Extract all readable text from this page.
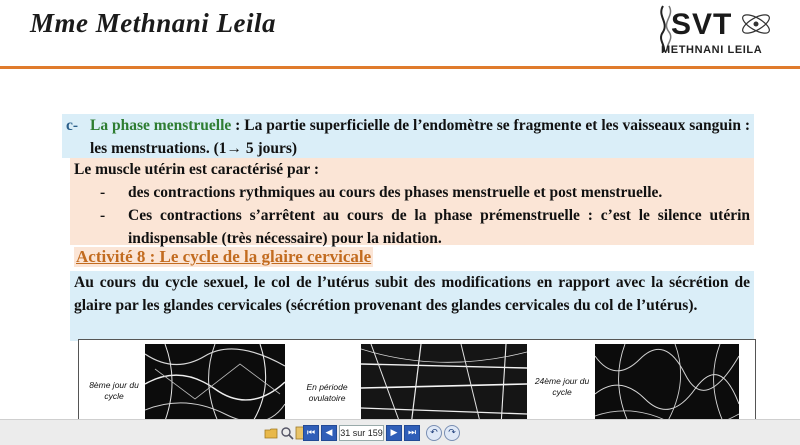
Mme Methnani Leila	SVT
METHNANI LEILA
c- La phase menstruelle : La partie superficielle de l’endomètre se fragmente et les vaisseaux sanguin : les menstruations. (1→ 5 jours)
Le muscle utérin est caractérisé par :
- des contractions rythmiques au cours des phases menstruelle et post menstruelle.
- Ces contractions s’arrêtent au cours de la phase prémenstruelle : c’est le silence utérin indispensable (très nécessaire) pour la nidation.
Activité 8 : Le cycle de la glaire cervicale
Au cours du cycle sexuel, le col de l’utérus subit des modifications en rapport avec la sécrétion de glaire par les glandes cervicales (sécrétion provenant des glandes cervicales du col de l’utérus).
8ème jour du cycle
En période ovulatoire
24ème jour du cycle
⏮	◀ 31 sur 159 ▶	⏭	↶	↷
